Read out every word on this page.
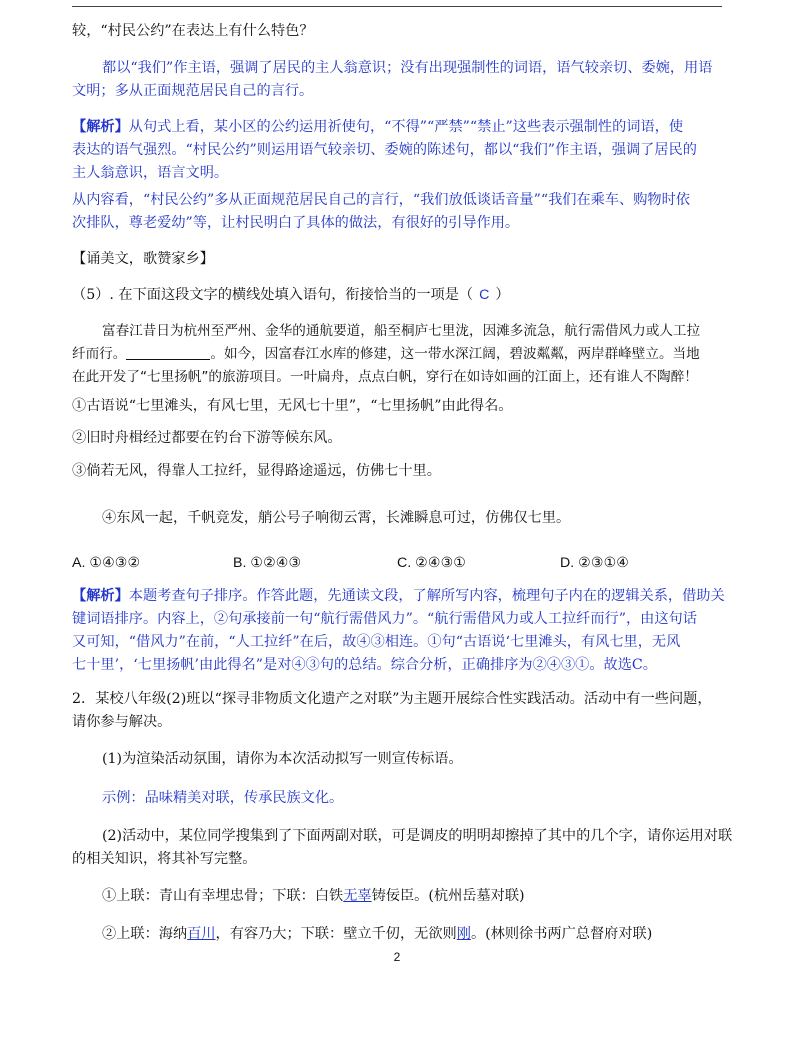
较，“村民公约”在表达上有什么特色？

都以“我们”作主语，强调了居民的主人翁意识；没有出现强制性的词语，语气较亲切、委婉，用语

文明；多从正面规范居民自己的言行。

【解析】从句式上看，某小区的公约运用祈使句，“不得”“严禁”“禁止”这些表示强制性的词语，使

表达的语气强烈。“村民公约”则运用语气较亲切、委婉的陈述句，都以“我们”作主语，强调了居民的

主人翁意识，语言文明。

从内容看，“村民公约”多从正面规范居民自己的言行，“我们放低谈话音量”“我们在乘车、购物时依

次排队，尊老爱幼”等，让村民明白了具体的做法，有很好的引导作用。

【诵美文，歌赞家乡】

（5）. 在下面这段文字的横线处填入语句，衔接恰当的一项是（ C ）

富春江昔日为杭州至严州、金华的通航要道，船至桐庐七里泷，因滩多流急，航行需借风力或人工拉

纤而行。	。如今，因富春江水库的修建，这一带水深江阔，碧波粼粼，两岸群峰壁立。当地

在此开发了“七里扬帆”的旅游项目。一叶扁舟，点点白帆，穿行在如诗如画的江面上，还有谁人不陶醉！

①古语说“七里滩头，有风七里，无风七十里”，“七里扬帆”由此得名。

②旧时舟楫经过都要在钓台下游等候东风。

③倘若无风，得靠人工拉纤，显得路途遥远，仿佛七十里。

④东风一起，千帆竞发，艄公号子响彻云霄，长滩瞬息可过，仿佛仅七里。

A. ①④③②	B. ①②④③	C. ②④③①	D. ②③①④

【解析】本题考查句子排序。作答此题，先通读文段，了解所写内容，梳理句子内在的逻辑关系，借助关

键词语排序。内容上，②句承接前一句“航行需借风力”。“航行需借风力或人工拉纤而行”，由这句话

又可知，“借风力”在前，“人工拉纤”在后，故④③相连。①句“古语说‘七里滩头，有风七里，无风

七十里’，‘七里扬帆’由此得名”是对④③句的总结。综合分析，正确排序为②④③①。故选C。

2．某校八年级(2)班以“探寻非物质文化遗产之对联”为主题开展综合性实践活动。活动中有一些问题，

请你参与解决。

(1)为渲染活动氛围，请你为本次活动拟写一则宣传标语。

示例：品味精美对联，传承民族文化。

(2)活动中，某位同学搜集到了下面两副对联，可是调皮的明明却擦掉了其中的几个字，请你运用对联

的相关知识，将其补写完整。

①上联：青山有幸埋忠骨；下联：白铁无辜铸佞臣。(杭州岳墓对联)

②上联：海纳百川，有容乃大；下联：壁立千仞，无欲则刚。(林则徐书两广总督府对联)

2
